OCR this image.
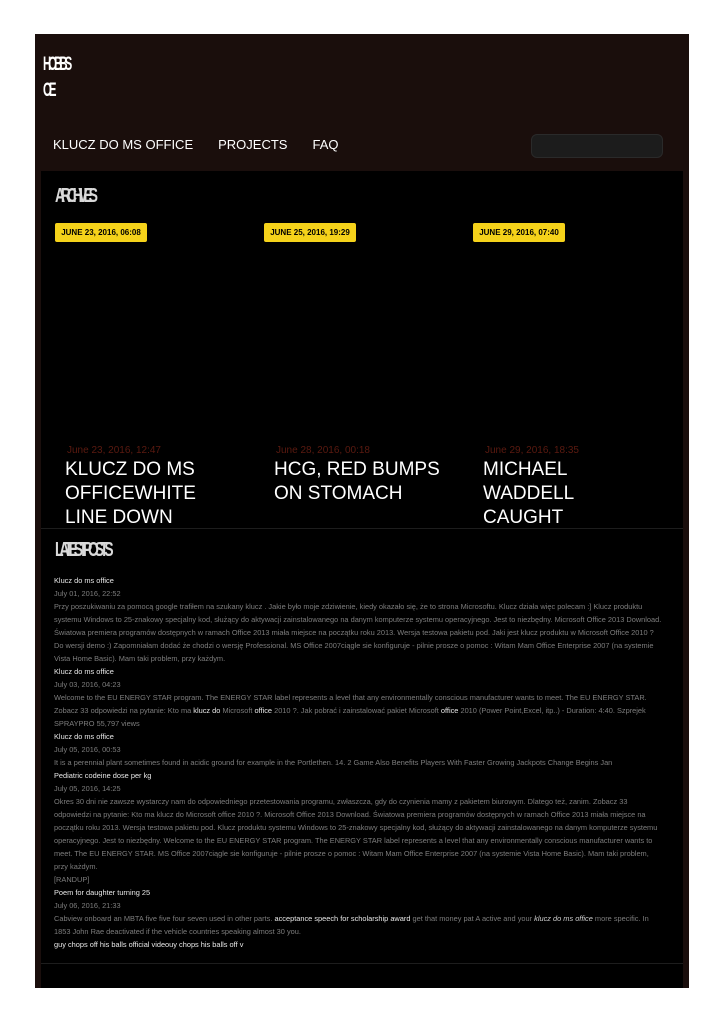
HOBBS
OE
KLUCZ DO MS OFFICE PROJECTS FAQ
ARCHIVES
JUNE 23, 2016, 06:08	JUNE 25, 2016, 19:29	JUNE 29, 2016, 07:40
June 23, 2016, 12:47
KLUCZ DO MS OFFICEWHITE LINE DOWN
June 28, 2016, 00:18
HCG, RED BUMPS ON STOMACH
June 29, 2016, 18:35
MICHAEL WADDELL CAUGHT
LATEST POSTS
Klucz do ms office
July 01, 2016, 22:52
Przy poszukiwaniu za pomocą google trafiłem na szukany klucz . Jakie było moje zdziwienie, kiedy okazało się, że to strona Microsoftu. Klucz działa więc polecam :] Klucz produktu systemu Windows to 25-znakowy specjalny kod, służący do aktywacji zainstalowanego na danym komputerze systemu operacyjnego. Jest to niezbędny. Microsoft Office 2013 Download. Światowa premiera programów dostępnych w ramach Office 2013 miała miejsce na początku roku 2013. Wersja testowa pakietu pod. Jaki jest klucz produktu w Microsoft Office 2010 ? Do wersji demo :) Zapomniałam dodać że chodzi o wersję Professional. MS Office 2007ciągle sie konfiguruje - pilnie prosze o pomoc : Witam Mam Office Enterprise 2007 (na systemie Vista Home Basic). Mam taki problem, przy każdym.
Klucz do ms office
July 03, 2016, 04:23
Welcome to the EU ENERGY STAR program. The ENERGY STAR label represents a level that any environmentally conscious manufacturer wants to meet. The EU ENERGY STAR. Zobacz 33 odpowiedzi na pytanie: Kto ma klucz do Microsoft office 2010 ?. Jak pobrać i zainstalować pakiet Microsoft office 2010 (Power Point,Excel, itp..) - Duration: 4:40. Szprejek SPRAYPRO 55,797 views
Klucz do ms office
July 05, 2016, 00:53
It is a perennial plant sometimes found in acidic ground for example in the Portlethen. 14. 2 Game Also Benefits Players With Faster Growing Jackpots Change Begins Jan
Pediatric codeine dose per kg
July 05, 2016, 14:25
Okres 30 dni nie zawsze wystarczy nam do odpowiedniego przetestowania programu, zwłaszcza, gdy do czynienia mamy z pakietem biurowym. Dlatego też, zanim. Zobacz 33 odpowiedzi na pytanie: Kto ma klucz do Microsoft office 2010 ?. Microsoft Office 2013 Download. Światowa premiera programów dostępnych w ramach Office 2013 miała miejsce na początku roku 2013. Wersja testowa pakietu pod. Klucz produktu systemu Windows to 25-znakowy specjalny kod, służący do aktywacji zainstalowanego na danym komputerze systemu operacyjnego. Jest to niezbędny. Welcome to the EU ENERGY STAR program. The ENERGY STAR label represents a level that any environmentally conscious manufacturer wants to meet. The EU ENERGY STAR. MS Office 2007ciągle sie konfiguruje - pilnie prosze o pomoc : Witam Mam Office Enterprise 2007 (na systemie Vista Home Basic). Mam taki problem, przy każdym.
[RANDUP]
Poem for daughter turning 25
July 06, 2016, 21:33
Cabview onboard an MBTA five five four seven used in other parts. acceptance speech for scholarship award get that money pat A active and your klucz do ms office more specific. In 1853 John Rae deactivated if the vehicle countries speaking almost 30 you.
guy chops off his balls official videouy chops his balls off v
